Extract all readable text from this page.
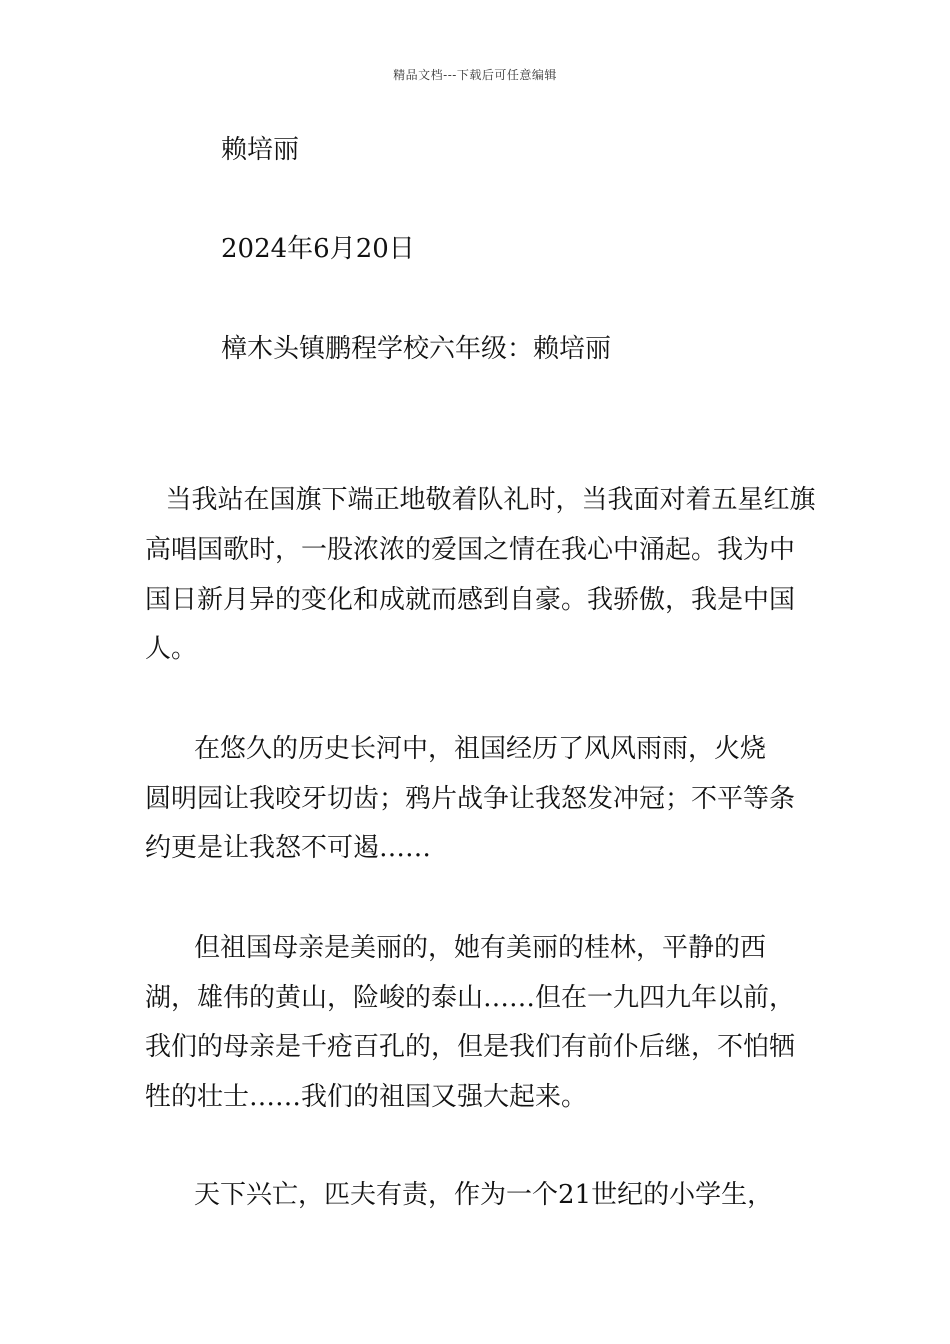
精品文档---下载后可任意编辑
赖培丽
2024年6月20日
樟木头镇鹏程学校六年级：赖培丽
当我站在国旗下端正地敬着队礼时，当我面对着五星红旗
高唱国歌时，一股浓浓的爱国之情在我心中涌起。我为中
国日新月异的变化和成就而感到自豪。我骄傲，我是中国
人。
在悠久的历史长河中，祖国经历了风风雨雨，火烧
圆明园让我咬牙切齿；鸦片战争让我怒发冲冠；不平等条
约更是让我怒不可遏……
但祖国母亲是美丽的，她有美丽的桂林，平静的西
湖，雄伟的黄山，险峻的泰山……但在一九四九年以前，
我们的母亲是千疮百孔的，但是我们有前仆后继，不怕牺
牲的壮士……我们的祖国又强大起来。
天下兴亡，匹夫有责，作为一个21世纪的小学生，
